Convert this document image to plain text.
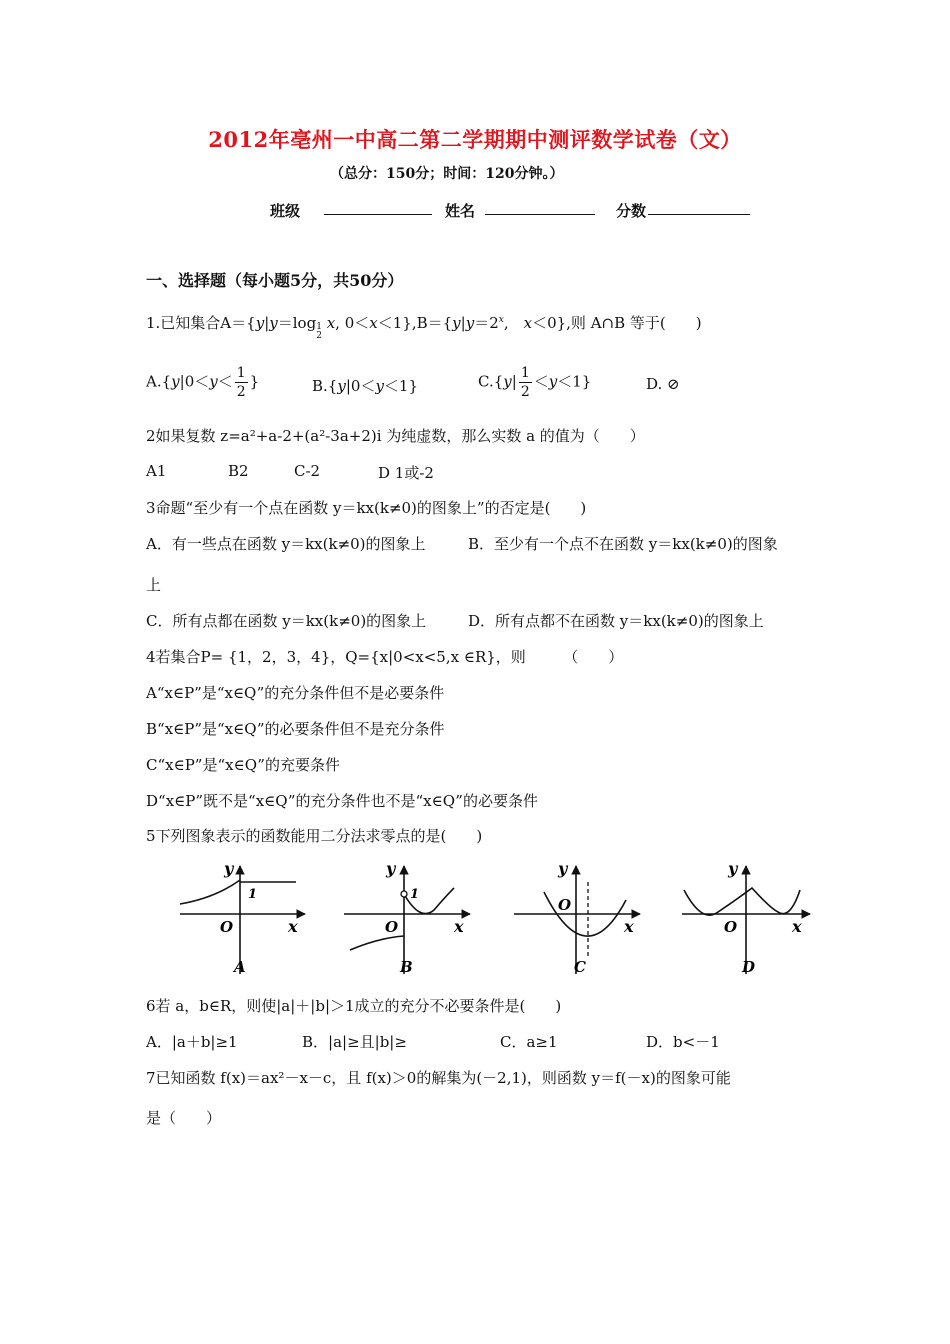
2012年亳州一中高二第二学期期中测评数学试卷（文）
（总分：150分；时间：120分钟。）
班级	姓名	分数
一、选择题（每小题5分，共50分）
1.已知集合A＝{y|y＝log 1
2
x, $0<x<1\},B=\{y|y=2^x$,　x＜0},则 A∩B 等于(　　)
$A.\{y|0<y< \frac{1}{2}$ }	B.{y|0＜y＜1}	$C.\{y| \frac{1}{2} <y<1\}$	D. ⊘
2如果复数 z=a²+a-2+(a²-3a+2)i 为纯虚数，那么实数 a 的值为（　　）
A1	B2	C-2	D 1或-2
3命题“至少有一个点在函数 y＝kx(k≠0)的图象上”的否定是(　　)
A．有一些点在函数 y＝kx(k≠0)的图象上	B．至少有一个点不在函数 y＝kx(k≠0)的图象
上
C．所有点都在函数 y＝kx(k≠0)的图象上	D．所有点都不在函数 y＝kx(k≠0)的图象上
4若集合P= {1，2，3，4}，Q={x|0<x<5,x ∈R}，则　　　（　　）
A“x∈P”是“x∈Q”的充分条件但不是必要条件
B“x∈P”是“x∈Q”的必要条件但不是充分条件
C“x∈P”是“x∈Q”的充要条件
D“x∈P”既不是“x∈Q”的充分条件也不是“x∈Q”的必要条件
5下列图象表示的函数能用二分法求零点的是(　　)
y
1
O	x
A
y
1
O	x
B
y
O
x
C
y
O	x
D
6若 a，b∈R，则使|a|＋|b|＞1成立的充分不必要条件是(　　)
A．|a＋b|≥1	B．|a|≥且|b|≥	C．a≥1	D．b<－1
7已知函数 f(x)＝ax²－x－c，且 f(x)＞0的解集为(－2,1)，则函数 y＝f(－x)的图象可能
是（　　）
